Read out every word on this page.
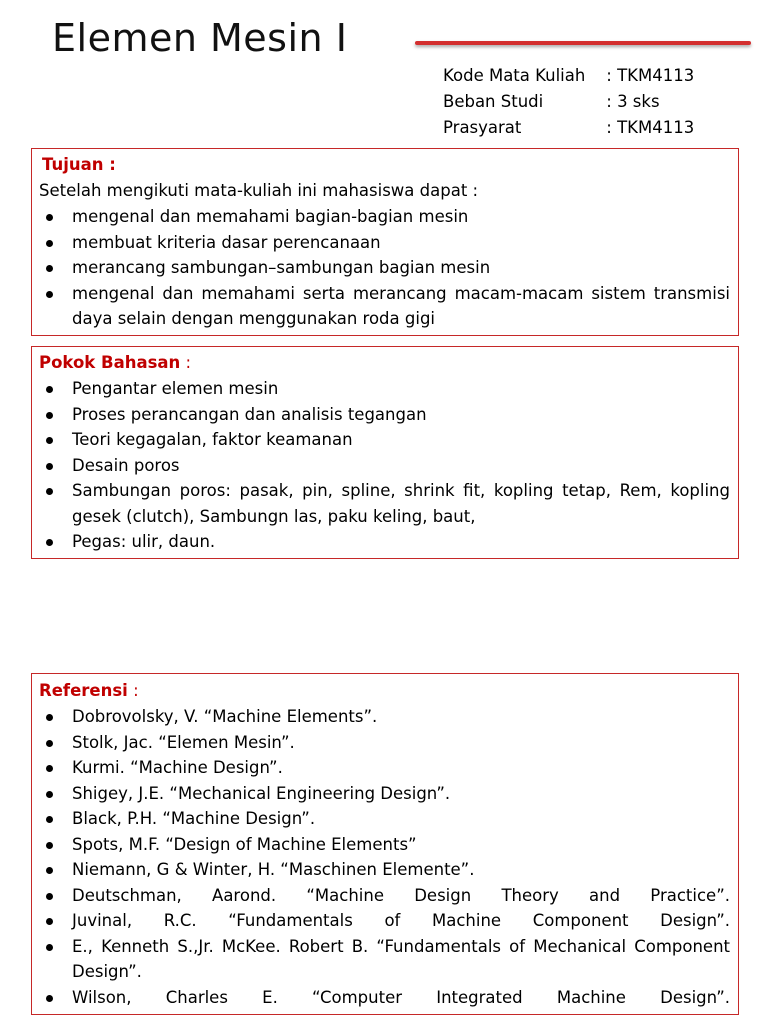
Elemen Mesin I
Kode Mata Kuliah : TKM4113
Beban Studi	: 3 sks
Prasyarat	: TKM4113
Tujuan :
Setelah mengikuti mata-kuliah ini mahasiswa dapat :
mengenal dan memahami bagian-bagian mesin
membuat kriteria dasar perencanaan
merancang sambungan–sambungan bagian mesin
mengenal dan memahami serta merancang macam-macam sistem transmisi daya selain dengan menggunakan roda gigi
Pokok Bahasan :
Pengantar elemen mesin
Proses perancangan dan analisis tegangan
Teori kegagalan, faktor keamanan
Desain poros
Sambungan poros: pasak, pin, spline, shrink fit, kopling tetap, Rem, kopling gesek (clutch), Sambungn las, paku keling, baut,
Pegas: ulir, daun.
Referensi :
Dobrovolsky, V. “Machine Elements”.
Stolk, Jac. “Elemen Mesin”.
Kurmi. “Machine Design”.
Shigey, J.E. “Mechanical Engineering Design”.
Black, P.H. “Machine Design”.
Spots, M.F. “Design of Machine Elements”
Niemann, G & Winter, H. “Maschinen Elemente”.
Deutschman, Aarond. “Machine Design Theory and Practice”.
Juvinal, R.C. “Fundamentals of Machine Component Design”.
E., Kenneth S.,Jr. McKee. Robert B. “Fundamentals of Mechanical Component Design”.
Wilson, Charles E. “Computer Integrated Machine Design”.
